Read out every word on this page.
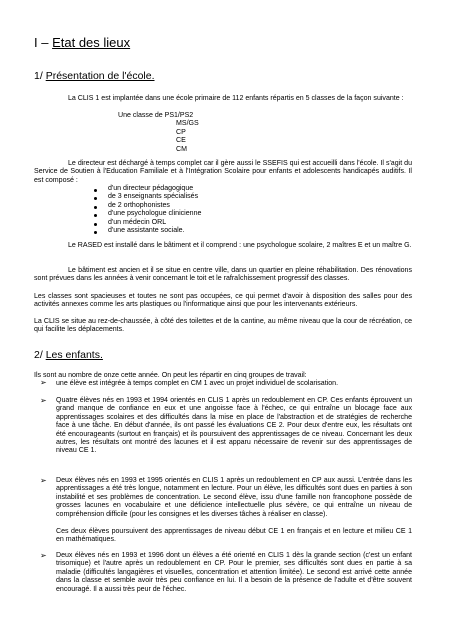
I – Etat des lieux
1/ Présentation de l'école.
La CLIS 1 est implantée dans une école primaire de 112 enfants répartis en 5 classes de la façon suivante :
Une classe de PS1/PS2
MS/GS
CP
CE
CM
Le directeur est déchargé à temps complet car il gère aussi le SSEFIS qui est accueilli dans l'école. Il s'agit du Service de Soutien à l'Education Familiale et à l'Intégration Scolaire pour enfants et adolescents handicapés auditifs. Il est composé :
d'un directeur pédagogique
de 3 enseignants spécialisés
de 2 orthophonistes
d'une psychologue clinicienne
d'un médecin ORL
d'une assistante sociale.
Le RASED est installé dans le bâtiment et il comprend : une psychologue scolaire, 2 maîtres E et un maître G.
Le bâtiment est ancien et il se situe en centre ville, dans un quartier en pleine réhabilitation. Des rénovations sont prévues dans les années à venir concernant le toit et le rafraîchissement progressif des classes.
Les classes sont spacieuses et toutes ne sont pas occupées, ce qui permet d'avoir à disposition des salles pour des activités annexes comme les arts plastiques ou l'informatique ainsi que pour les intervenants extérieurs.
La CLIS se situe au rez-de-chaussée, à côté des toilettes et de la cantine, au même niveau que la cour de récréation, ce qui facilite les déplacements.
2/ Les enfants.
Ils sont au nombre de onze cette année. On peut les répartir en cinq groupes de travail:
➢ une élève est intégrée à temps complet en CM 1 avec un projet individuel de scolarisation.
➢ Quatre élèves nés en 1993 et 1994 orientés en CLIS 1 après un redoublement en CP. Ces enfants éprouvent un grand manque de confiance en eux et une angoisse face à l'échec, ce qui entraîne un blocage face aux apprentissages scolaires et des difficultés dans la mise en place de l'abstraction et de stratégies de recherche face à une tâche. En début d'année, ils ont passé les évaluations CE 2. Pour deux d'entre eux, les résultats ont été encourageants (surtout en français) et ils poursuivent des apprentissages de ce niveau. Concernant les deux autres, les résultats ont montré des lacunes et il est apparu nécessaire de revenir sur des apprentissages de niveau CE 1.
➢ Deux élèves nés en 1993 et 1995 orientés en CLIS 1 après un redoublement en CP aux aussi. L'entrée dans les apprentissages a été très longue, notamment en lecture. Pour un élève, les difficultés sont dues en parties à son instabilité et ses problèmes de concentration. Le second élève, issu d'une famille non francophone possède de grosses lacunes en vocabulaire et une déficience intellectuelle plus sévère, ce qui entraîne un niveau de compréhension difficile (pour les consignes et les diverses tâches à réaliser en classe).
Ces deux élèves poursuivent des apprentissages de niveau début CE 1 en français et en lecture et milieu CE 1 en mathématiques.
➢ Deux élèves nés en 1993 et 1996 dont un élèves a été orienté en CLIS 1 dès la grande section (c'est un enfant trisomique) et l'autre après un redoublement en CP. Pour le premier, ses difficultés sont dues en partie à sa maladie (difficultés langagières et visuelles, concentration et attention limitée). Le second est arrivé cette année dans la classe et semble avoir très peu confiance en lui. Il a besoin de la présence de l'adulte et d'être souvent encouragé. Il a aussi très peur de l'échec.
